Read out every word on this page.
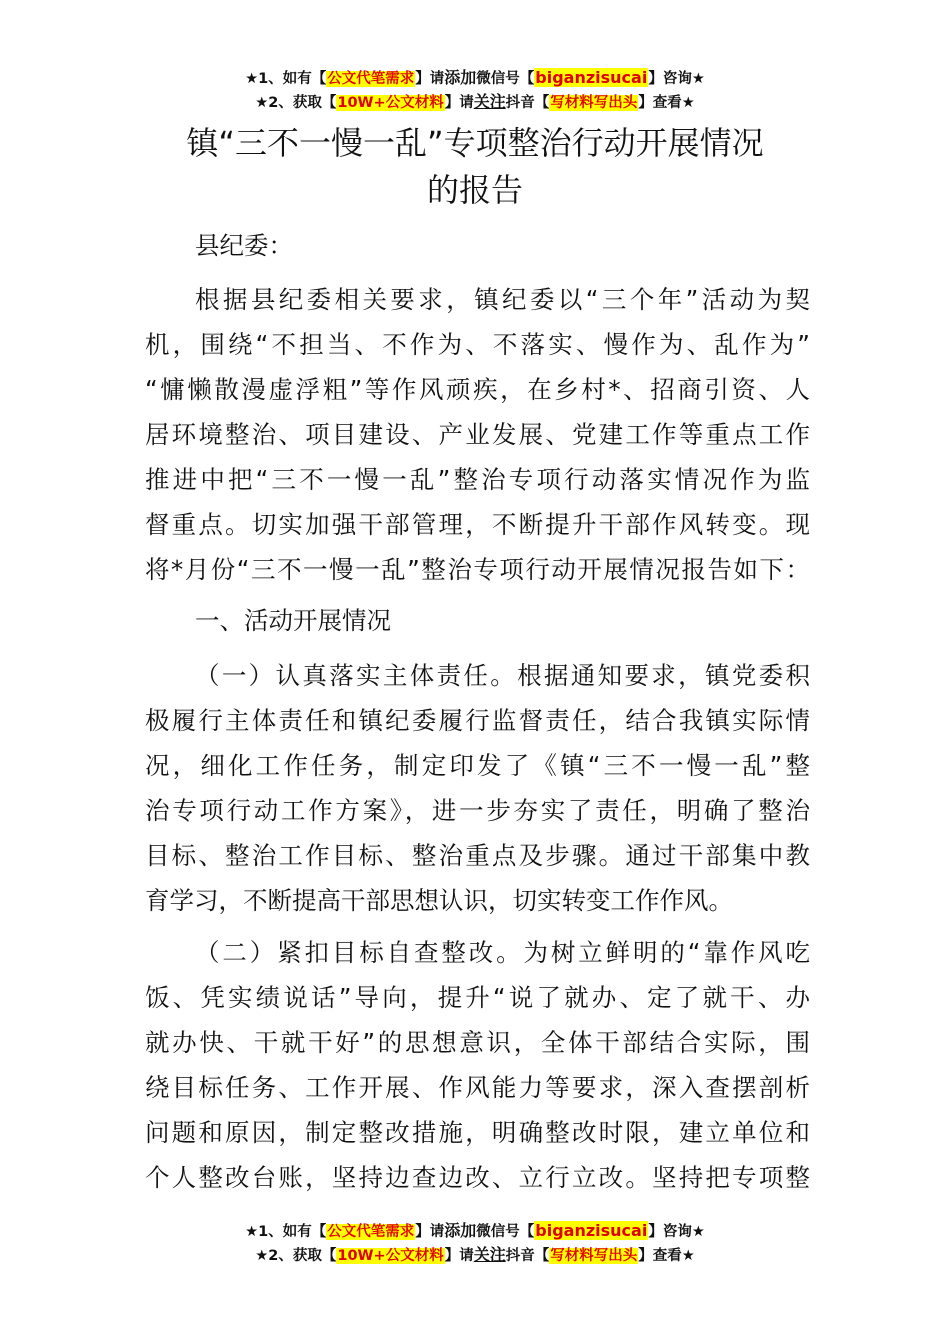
★1、如有【公文代笔需求】请添加微信号【biganzisucai】咨询★
★2、获取【10W+公文材料】请关注抖音【写材料写出头】查看★
镇“三不一慢一乱”专项整治行动开展情况
的报告
县纪委：
根据县纪委相关要求，镇纪委以“三个年”活动为契
机，围绕“不担当、不作为、不落实、慢作为、乱作为”
“慵懒散漫虚浮粗”等作风顽疾，在乡村*、招商引资、人
居环境整治、项目建设、产业发展、党建工作等重点工作
推进中把“三不一慢一乱”整治专项行动落实情况作为监
督重点。切实加强干部管理，不断提升干部作风转变。现
将*月份“三不一慢一乱”整治专项行动开展情况报告如下：
一、活动开展情况
（一）认真落实主体责任。根据通知要求，镇党委积
极履行主体责任和镇纪委履行监督责任，结合我镇实际情
况，细化工作任务，制定印发了《镇“三不一慢一乱”整
治专项行动工作方案》，进一步夯实了责任，明确了整治
目标、整治工作目标、整治重点及步骤。通过干部集中教
育学习，不断提高干部思想认识，切实转变工作作风。
（二）紧扣目标自查整改。为树立鲜明的“靠作风吃
饭、凭实绩说话”导向，提升“说了就办、定了就干、办
就办快、干就干好”的思想意识，全体干部结合实际，围
绕目标任务、工作开展、作风能力等要求，深入查摆剖析
问题和原因，制定整改措施，明确整改时限，建立单位和
个人整改台账，坚持边查边改、立行立改。坚持把专项整
★1、如有【公文代笔需求】请添加微信号【biganzisucai】咨询★
★2、获取【10W+公文材料】请关注抖音【写材料写出头】查看★
